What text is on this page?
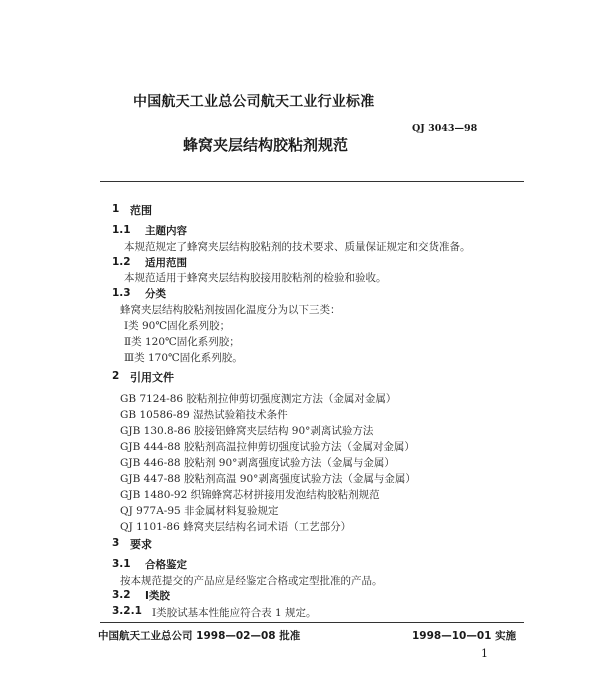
中国航天工业总公司航天工业行业标准
QJ 3043—98
蜂窝夹层结构胶粘剂规范
1 范围
1.1 主题内容
本规范规定了蜂窝夹层结构胶粘剂的技术要求、质量保证规定和交货准备。
1.2 适用范围
本规范适用于蜂窝夹层结构胶接用胶粘剂的检验和验收。
1.3 分类
蜂窝夹层结构胶粘剂按固化温度分为以下三类：
Ⅰ类 90℃固化系列胶；
Ⅱ类 120℃固化系列胶；
Ⅲ类 170℃固化系列胶。
2 引用文件
GB 7124-86 胶粘剂拉伸剪切强度测定方法（金属对金属）
GB 10586-89 湿热试验箱技术条件
GJB 130.8-86 胶接铝蜂窝夹层结构 90°剥离试验方法
GJB 444-88 胶粘剂高温拉伸剪切强度试验方法（金属对金属）
GJB 446-88 胶粘剂 90°剥离强度试验方法（金属与金属）
GJB 447-88 胶粘剂高温 90°剥离强度试验方法（金属与金属）
GJB 1480-92 织锦蜂窝芯材拼接用发泡结构胶粘剂规范
QJ 977A-95 非金属材料复验规定
QJ 1101-86 蜂窝夹层结构名词术语（工艺部分）
3 要求
3.1 合格鉴定
按本规范提交的产品应是经鉴定合格或定型批准的产品。
3.2 Ⅰ类胶
3.2.1 Ⅰ类胶试基本性能应符合表 1 规定。
中国航天工业总公司 1998—02—08 批准	1998—10—01 实施
1
